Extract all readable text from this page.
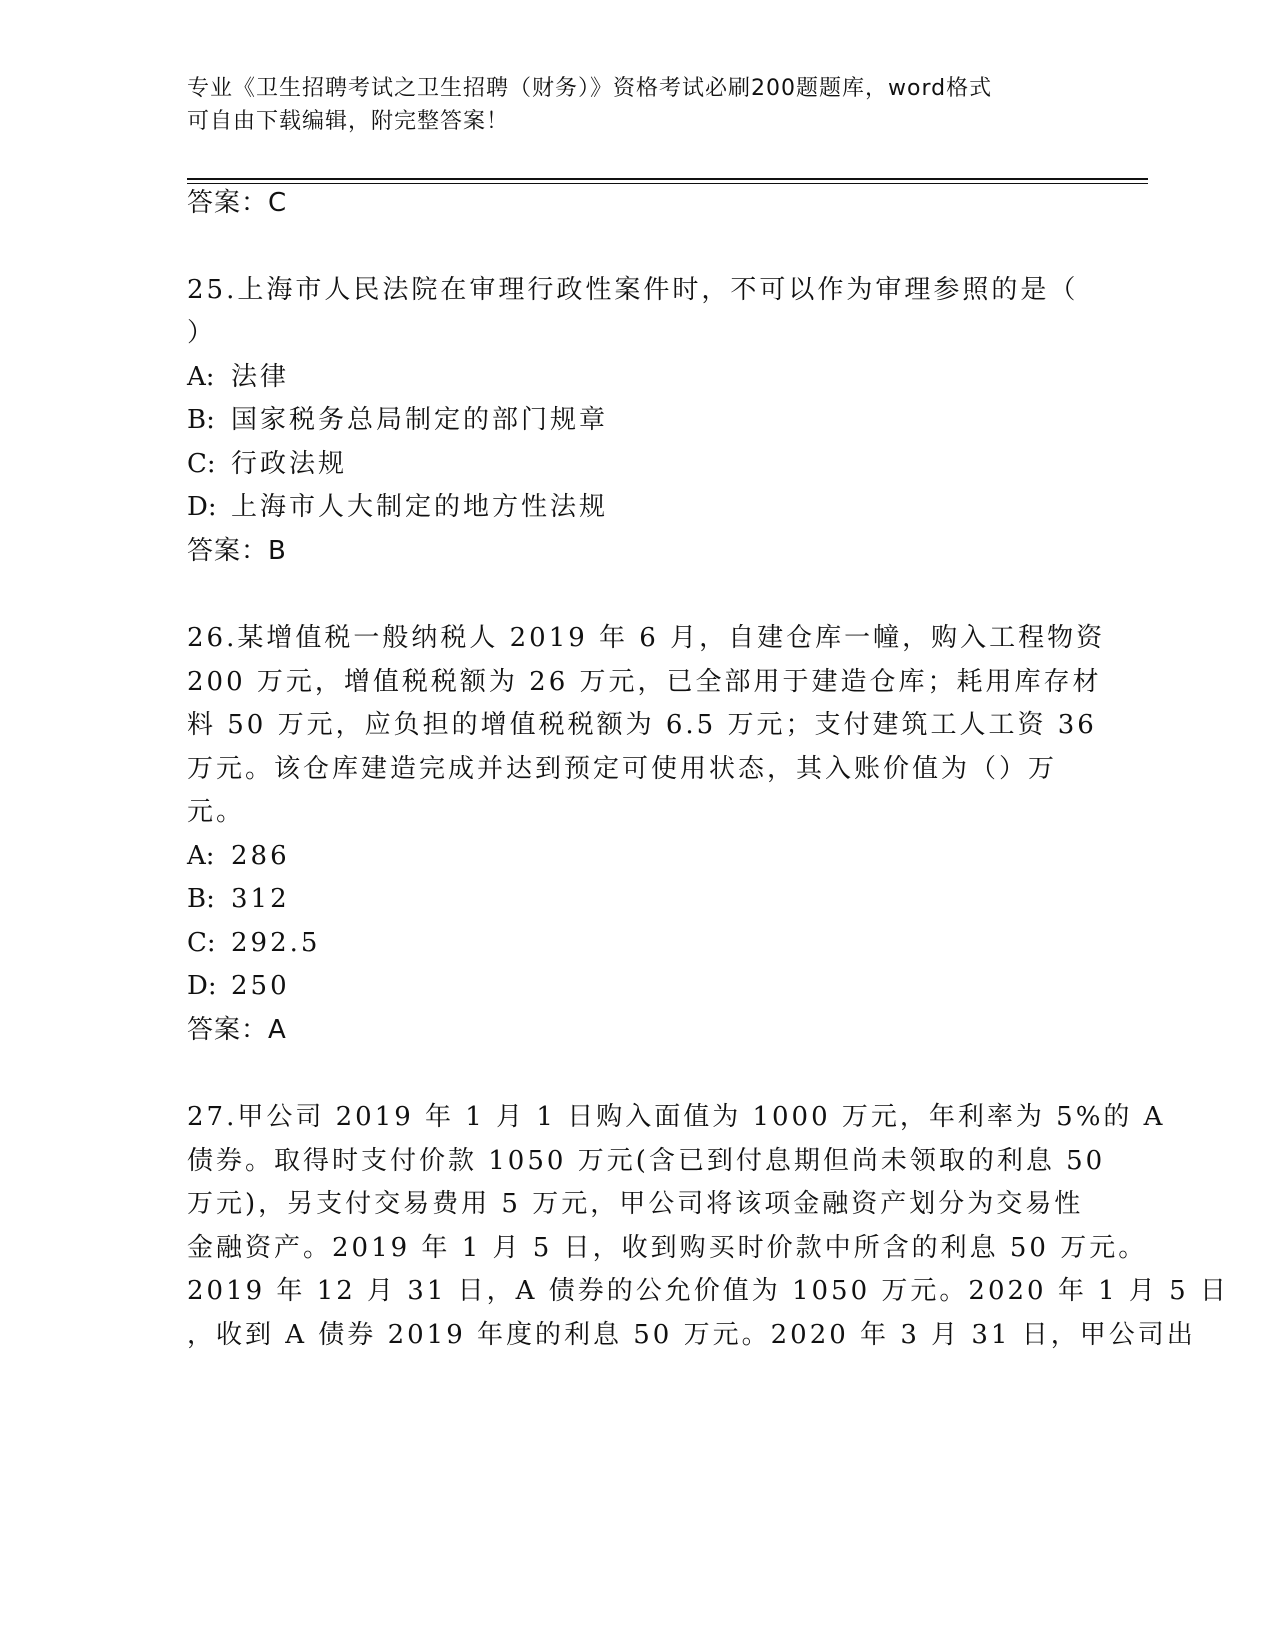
专业《卫生招聘考试之卫生招聘（财务）》资格考试必刷200题题库，word格式
可自由下载编辑，附完整答案！
答案：C
25.上海市人民法院在审理行政性案件时，不可以作为审理参照的是（
）
A: 法律
B: 国家税务总局制定的部门规章
C: 行政法规
D: 上海市人大制定的地方性法规
答案：B
26.某增值税一般纳税人 2019 年 6 月，自建仓库一幢，购入工程物资
200 万元，增值税税额为 26 万元，已全部用于建造仓库；耗用库存材
料 50 万元，应负担的增值税税额为 6.5 万元；支付建筑工人工资 36
万元。该仓库建造完成并达到预定可使用状态，其入账价值为（）万
元。
A: 286
B: 312
C: 292.5
D: 250
答案：A
27.甲公司 2019 年 1 月 1 日购入面值为 1000 万元，年利率为 5%的 A
债券。取得时支付价款 1050 万元(含已到付息期但尚未领取的利息 50
万元)，另支付交易费用 5 万元，甲公司将该项金融资产划分为交易性
金融资产。2019 年 1 月 5 日，收到购买时价款中所含的利息 50 万元。
2019 年 12 月 31 日，A 债券的公允价值为 1050 万元。2020 年 1 月 5 日
，收到 A 债券 2019 年度的利息 50 万元。2020 年 3 月 31 日，甲公司出
